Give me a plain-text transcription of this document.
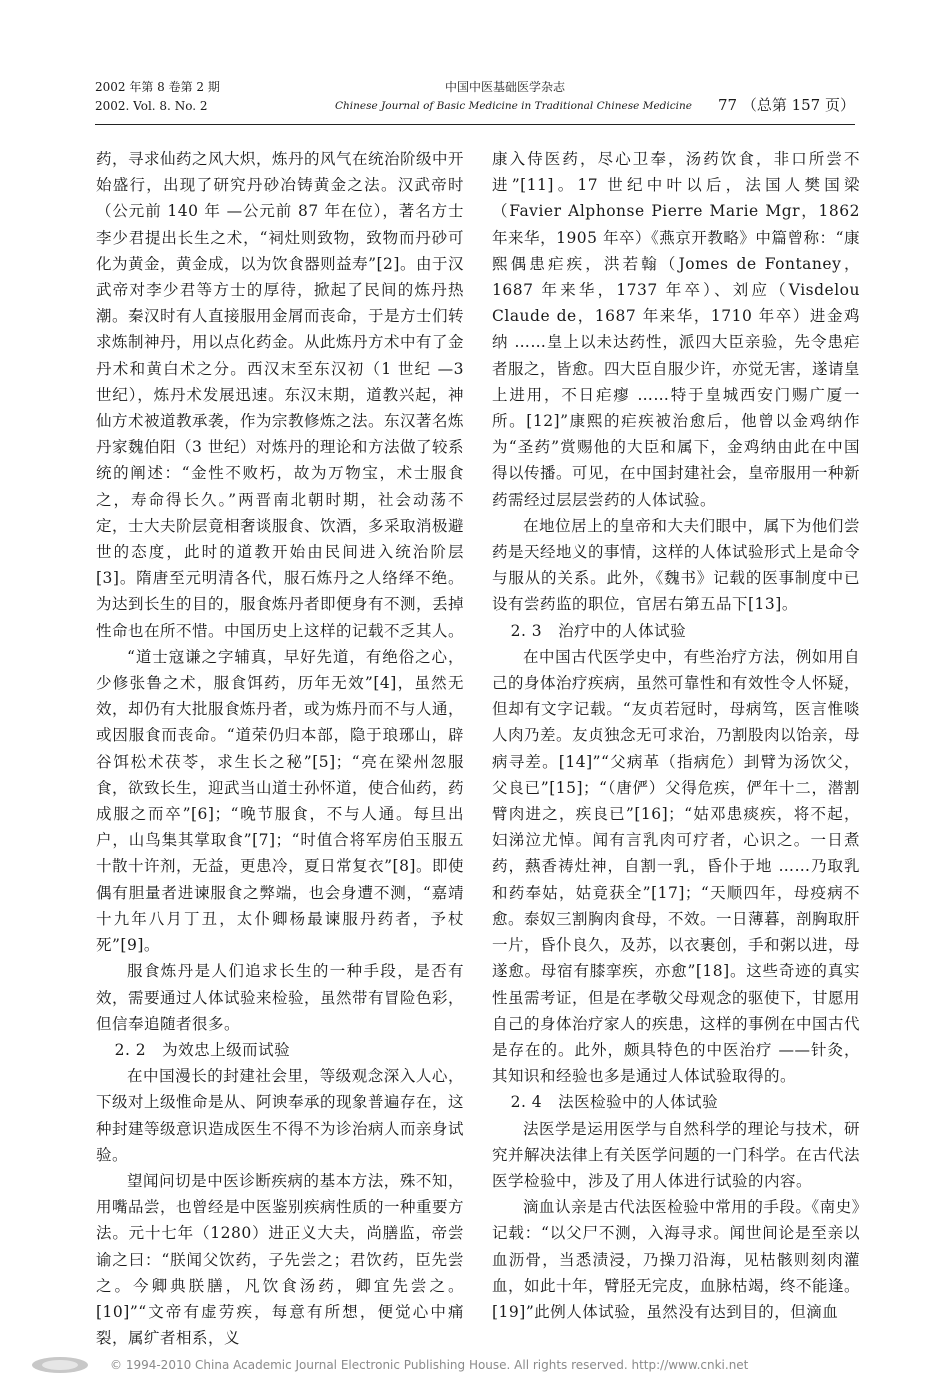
2002 年第 8 卷第 2 期
2002. Vol. 8. No. 2
中国中医基础医学杂志
Chinese Journal of Basic Medicine in Traditional Chinese Medicine 77 （总第 157 页）

药，寻求仙药之风大炽，炼丹的风气在统治阶级中开始盛行，出现了研究丹砂冶铸黄金之法。汉武帝时（公元前 140 年 —公元前 87 年在位），著名方士李少君提出长生之术，“祠灶则致物，致物而丹砂可化为黄金，黄金成，以为饮食器则益寿”[2]。由于汉武帝对李少君等方士的厚待，掀起了民间的炼丹热潮。秦汉时有人直接服用金屑而丧命，于是方士们转求炼制神丹，用以点化药金。从此炼丹方术中有了金丹术和黄白术之分。西汉末至东汉初（1 世纪 —3 世纪），炼丹术发展迅速。东汉末期，道教兴起，神仙方术被道教承袭，作为宗教修炼之法。东汉著名炼丹家魏伯阳（3 世纪）对炼丹的理论和方法做了较系统的阐述：“金性不败朽，故为万物宝，术士服食之，寿命得长久。”两晋南北朝时期，社会动荡不定，士大夫阶层竟相奢谈服食、饮酒，多采取消极避世的态度，此时的道教开始由民间进入统治阶层[3]。隋唐至元明清各代，服石炼丹之人络绎不绝。为达到长生的目的，服食炼丹者即便身有不测，丢掉性命也在所不惜。中国历史上这样的记载不乏其人。

“道士寇谦之字辅真，早好先道，有绝俗之心，少修张鲁之术，服食饵药，历年无效”[4]，虽然无效，却仍有大批服食炼丹者，或为炼丹而不与人通，或因服食而丧命。“道荣仍归本部，隐于琅琊山，辟谷饵松术茯苓，求生长之秘”[5]；“亮在梁州忽服食，欲致长生，迎武当山道士孙怀道，使合仙药，药成服之而卒”[6]；“晚节服食，不与人通。每旦出户，山鸟集其掌取食”[7]；“时值合将军房伯玉服五十散十许剂，无益，更患冷，夏日常复衣”[8]。即使偶有胆量者进谏服食之弊端，也会身遭不测，“嘉靖十九年八月丁丑，太仆卿杨最谏服丹药者，予杖死”[9]。

服食炼丹是人们追求长生的一种手段，是否有效，需要通过人体试验来检验，虽然带有冒险色彩，但信奉追随者很多。

2. 2　为效忠上级而试验

在中国漫长的封建社会里，等级观念深入人心，下级对上级惟命是从、阿谀奉承的现象普遍存在，这种封建等级意识造成医生不得不为诊治病人而亲身试验。

望闻问切是中医诊断疾病的基本方法，殊不知，用嘴品尝，也曾经是中医鉴别疾病性质的一种重要方法。元十七年（1280）进正义大夫，尚膳监，帝尝谕之曰：“朕闻父饮药，子先尝之；君饮药，臣先尝之。今卿典朕膳，凡饮食汤药，卿宜先尝之。[10]”“文帝有虚劳疾，每意有所想，便觉心中痛裂，属纩者相系，义

康入侍医药，尽心卫奉，汤药饮食，非口所尝不进”[11]。17 世纪中叶以后，法国人樊国梁（Favier Alphonse Pierre Marie Mgr，1862 年来华，1905 年卒）《燕京开教略》中篇曾称：“康熙偶患疟疾，洪若翰（Jomes de Fontaney，1687 年来华，1737 年卒）、刘应（Visdelou Claude de，1687 年来华，1710 年卒）进金鸡纳 ……皇上以未达药性，派四大臣亲验，先令患疟者服之，皆愈。四大臣自服少许，亦觉无害，遂请皇上进用，不日疟瘳 ……特于皇城西安门赐广厦一所。[12]”康熙的疟疾被治愈后，他曾以金鸡纳作为“圣药”赏赐他的大臣和属下，金鸡纳由此在中国得以传播。可见，在中国封建社会，皇帝服用一种新药需经过层层尝药的人体试验。

在地位居上的皇帝和大夫们眼中，属下为他们尝药是天经地义的事情，这样的人体试验形式上是命令与服从的关系。此外，《魏书》记载的医事制度中已设有尝药监的职位，官居右第五品下[13]。

2. 3　治疗中的人体试验

在中国古代医学史中，有些治疗方法，例如用自己的身体治疗疾病，虽然可靠性和有效性令人怀疑，但却有文字记载。“友贞若冠时，母病笃，医言惟啖人肉乃差。友贞独念无可求治，乃割股肉以饴亲，母病寻差。[14]”“父病革（指病危）刲臂为汤饮父，父良已”[15]；“（唐俨）父得危疾，俨年十二，潜割臂肉进之，疾良已”[16]；“姑邓患痰疾，将不起，妇涕泣尤悼。闻有言乳肉可疗者，心识之。一日煮药，爇香祷灶神，自割一乳，昏仆于地 ……乃取乳和药奉姑，姑竟获全”[17]；“天顺四年，母疫病不愈。泰奴三割胸肉食母，不效。一日薄暮，剖胸取肝一片，昏仆良久，及苏，以衣裹创，手和粥以进，母遂愈。母宿有膝挛疾，亦愈”[18]。这些奇迹的真实性虽需考证，但是在孝敬父母观念的驱使下，甘愿用自己的身体治疗家人的疾患，这样的事例在中国古代是存在的。此外，颇具特色的中医治疗 ——针灸，其知识和经验也多是通过人体试验取得的。

2. 4　法医检验中的人体试验

法医学是运用医学与自然科学的理论与技术，研究并解决法律上有关医学问题的一门科学。在古代法医学检验中，涉及了用人体进行试验的内容。

滴血认亲是古代法医检验中常用的手段。《南史》记载：“以父尸不测，入海寻求。闻世间论是至亲以血沥骨，当悉渍浸，乃操刀沿海，见枯骸则刻肉灌血，如此十年，臂胫无完皮，血脉枯竭，终不能逢。[19]”此例人体试验，虽然没有达到目的，但滴血

© 1994-2010 China Academic Journal Electronic Publishing House. All rights reserved. http://www.cnki.net
